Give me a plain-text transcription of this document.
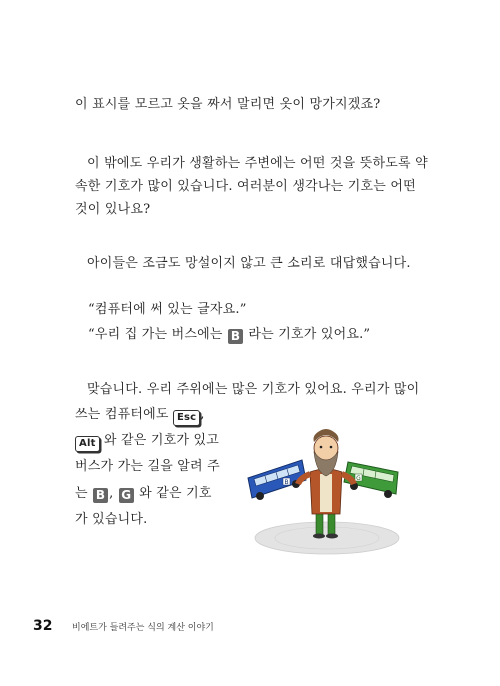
이 표시를 모르고 옷을 짜서 말리면 옷이 망가지겠죠?
이 밖에도 우리가 생활하는 주변에는 어떤 것을 뜻하도록 약
속한 기호가 많이 있습니다. 여러분이 생각나는 기호는 어떤
것이 있나요?
아이들은 조금도 망설이지 않고 큰 소리로 대답했습니다.
“컴퓨터에 써 있는 글자요.”
“우리 집 가는 버스에는 B 라는 기호가 있어요.”
맞습니다. 우리 주위에는 많은 기호가 있어요. 우리가 많이
쓰는 컴퓨터에도 Esc ,
Alt 와 같은 기호가 있고
버스가 가는 길을 알려 주
는 B , G 와 같은 기호
가 있습니다.
B
G
32 비에트가 들려주는 식의 계산 이야기
